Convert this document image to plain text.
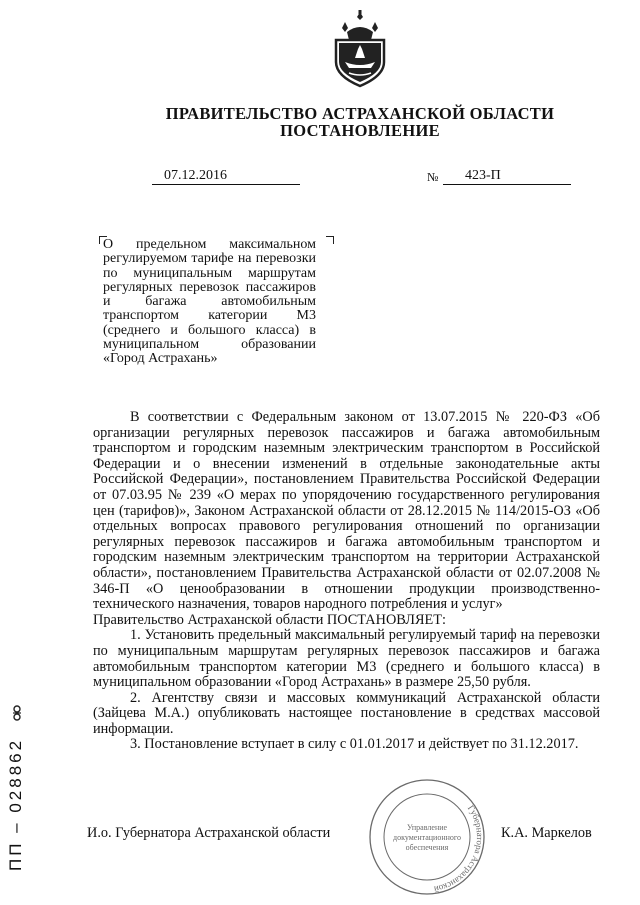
ПРАВИТЕЛЬСТВО АСТРАХАНСКОЙ ОБЛАСТИ
ПОСТАНОВЛЕНИЕ
07.12.2016	№	423-П
О предельном максимальном регулируемом тарифе на перевозки по муниципальным маршрутам регулярных перевозок пассажиров и багажа автомобильным транспортом категории М3 (среднего и большого класса) в муниципальном образовании «Город Астрахань»

В соответствии с Федеральным законом от 13.07.2015 № 220-ФЗ «Об организации регулярных перевозок пассажиров и багажа автомобильным транспортом и городским наземным электрическим транспортом в Российской Федерации и о внесении изменений в отдельные законодательные акты Российской Федерации», постановлением Правительства Российской Федерации от 07.03.95 № 239 «О мерах по упорядочению государственного регулирования цен (тарифов)», Законом Астраханской области от 28.12.2015 № 114/2015-ОЗ «Об отдельных вопросах правового регулирования отношений по организации регулярных перевозок пассажиров и багажа автомобильным транспортом и городским наземным электрическим транспортом на территории Астраханской области», постановлением Правительства Астраханской области от 02.07.2008 № 346-П «О ценообразовании в отношении продукции производственно-технического назначения, товаров народного потребления и услуг»

Правительство Астраханской области ПОСТАНОВЛЯЕТ:

1. Установить предельный максимальный регулируемый тариф на перевозки по муниципальным маршрутам регулярных перевозок пассажиров и багажа автомобильным транспортом категории М3 (среднего и большого класса) в муниципальном образовании «Город Астрахань» в размере 25,50 рубля.

2. Агентству связи и массовых коммуникаций Астраханской области (Зайцева М.А.) опубликовать настоящее постановление в средствах массовой информации.

3. Постановление вступает в силу с 01.01.2017 и действует по 31.12.2017.

Губернатора Астраханской
Управление
документационного
обеспечения
И.о. Губернатора Астраханской области	К.А. Маркелов
ПП – 028862
